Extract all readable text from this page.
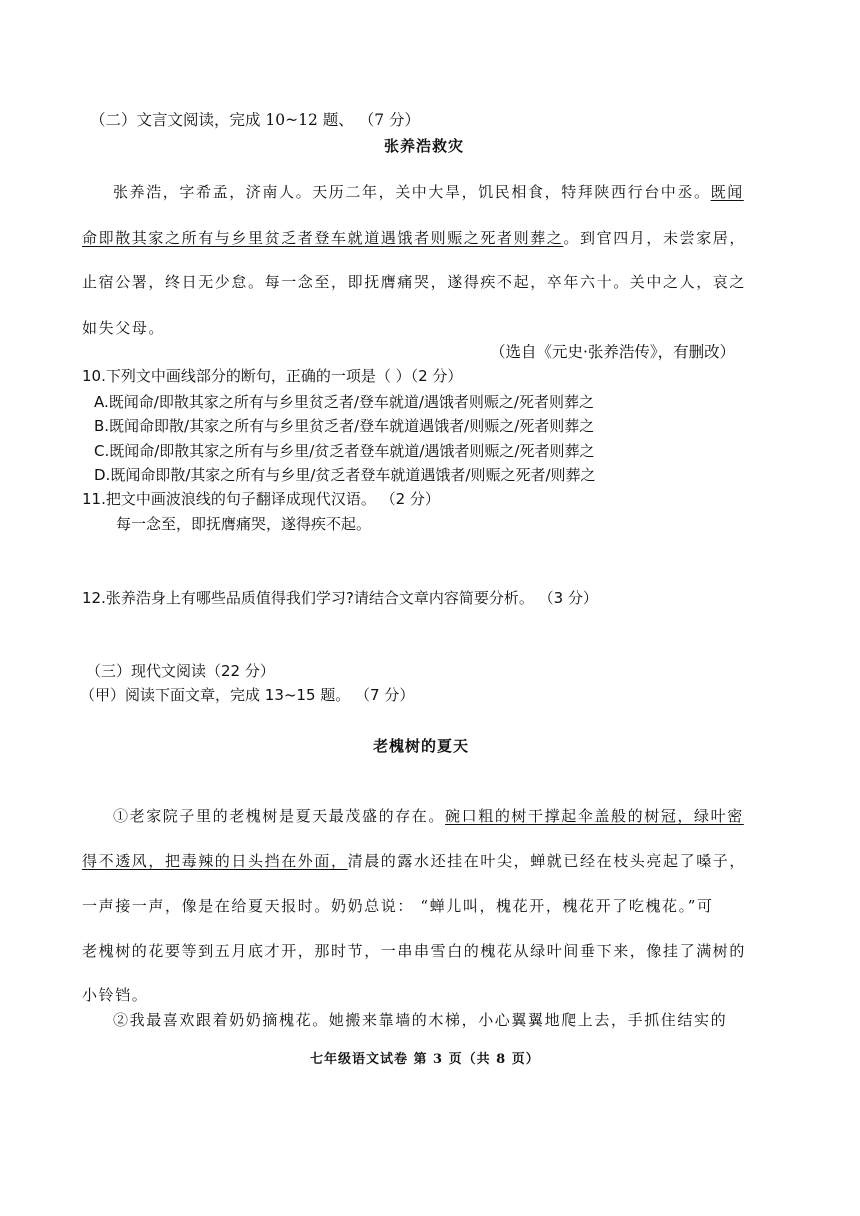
（二）文言文阅读，完成 10~12 题、 （7 分）
张养浩救灾
张养浩，字希孟，济南人。天历二年，关中大旱，饥民相食，特拜陕西行台中丞。既闻
命即散其家之所有与乡里贫乏者登车就道遇饿者则赈之死者则葬之。到官四月，未尝家居，
止宿公署，终日无少怠。每一念至，即抚膺痛哭，遂得疾不起，卒年六十。关中之人，哀之
如失父母。
（选自《元史·张养浩传》，有删改）
10.下列文中画线部分的断句，正确的一项是（ ）（2 分）
A.既闻命/即散其家之所有与乡里贫乏者/登车就道/遇饿者则赈之/死者则葬之
B.既闻命即散/其家之所有与乡里贫乏者/登车就道遇饿者/则赈之/死者则葬之
C.既闻命/即散其家之所有与乡里/贫乏者登车就道/遇饿者则赈之/死者则葬之
D.既闻命即散/其家之所有与乡里/贫乏者登车就道遇饿者/则赈之死者/则葬之
11.把文中画波浪线的句子翻译成现代汉语。 （2 分）
每一念至，即抚膺痛哭，遂得疾不起。
12.张养浩身上有哪些品质值得我们学习?请结合文章内容简要分析。 （3 分）
（三）现代文阅读（22 分）
（甲）阅读下面文章，完成 13~15 题。 （7 分）
老槐树的夏天
①老家院子里的老槐树是夏天最茂盛的存在。碗口粗的树干撑起伞盖般的树冠，绿叶密
得不透风，把毒辣的日头挡在外面，清晨的露水还挂在叶尖，蝉就已经在枝头亮起了嗓子，
一声接一声，像是在给夏天报时。奶奶总说： “蝉儿叫，槐花开，槐花开了吃槐花。”可
老槐树的花要等到五月底才开，那时节，一串串雪白的槐花从绿叶间垂下来，像挂了满树的
小铃铛。
②我最喜欢跟着奶奶摘槐花。她搬来靠墙的木梯，小心翼翼地爬上去，手抓住结实的
七年级语文试卷 第 3 页（共 8 页）
